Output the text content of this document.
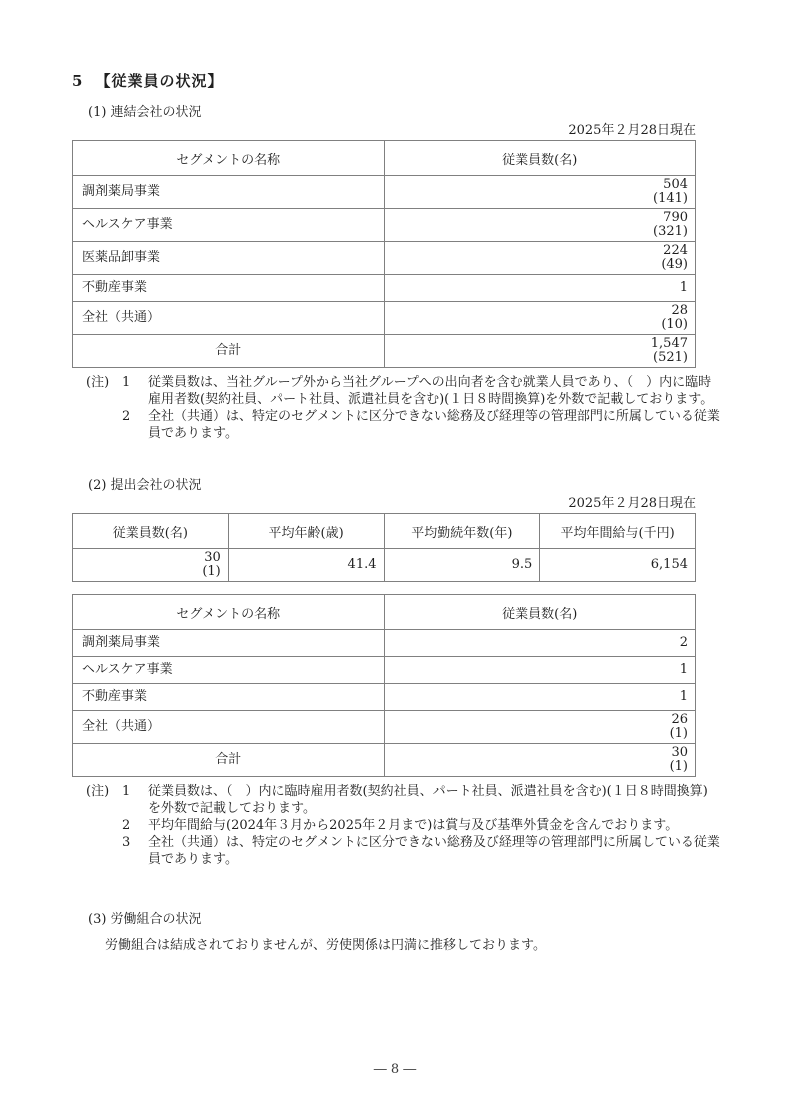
5 【従業員の状況】
(1) 連結会社の状況
2025年２月28日現在
セグメントの名称	従業員数(名)
調剤薬局事業	504
(141)

ヘルスケア事業	790
(321)

医薬品卸事業	224
(49)

不動産事業	1

全社（共通）	28
(10)

合計	1,547
(521)
(注) 1	従業員数は、当社グループ外から当社グループへの出向者を含む就業人員であり、（　）内に臨時雇用者数(契約社員、パート社員、派遣社員を含む)(１日８時間換算)を外数で記載しております。
2	全社（共通）は、特定のセグメントに区分できない総務及び経理等の管理部門に所属している従業員であります。
(2) 提出会社の状況
2025年２月28日現在
従業員数(名)	平均年齢(歳)	平均勤続年数(年)	平均年間給与(千円)

30
(1)	41.4	9.5	6,154
セグメントの名称	従業員数(名)
調剤薬局事業	2

ヘルスケア事業	1

不動産事業	1

全社（共通）	26
(1)

合計	30
(1)
(注) 1	従業員数は、（　）内に臨時雇用者数(契約社員、パート社員、派遣社員を含む)(１日８時間換算)を外数で記載しております。
2	平均年間給与(2024年３月から2025年２月まで)は賞与及び基準外賃金を含んでおります。
3	全社（共通）は、特定のセグメントに区分できない総務及び経理等の管理部門に所属している従業員であります。
(3) 労働組合の状況
労働組合は結成されておりませんが、労使関係は円満に推移しております。
― 8 ―
